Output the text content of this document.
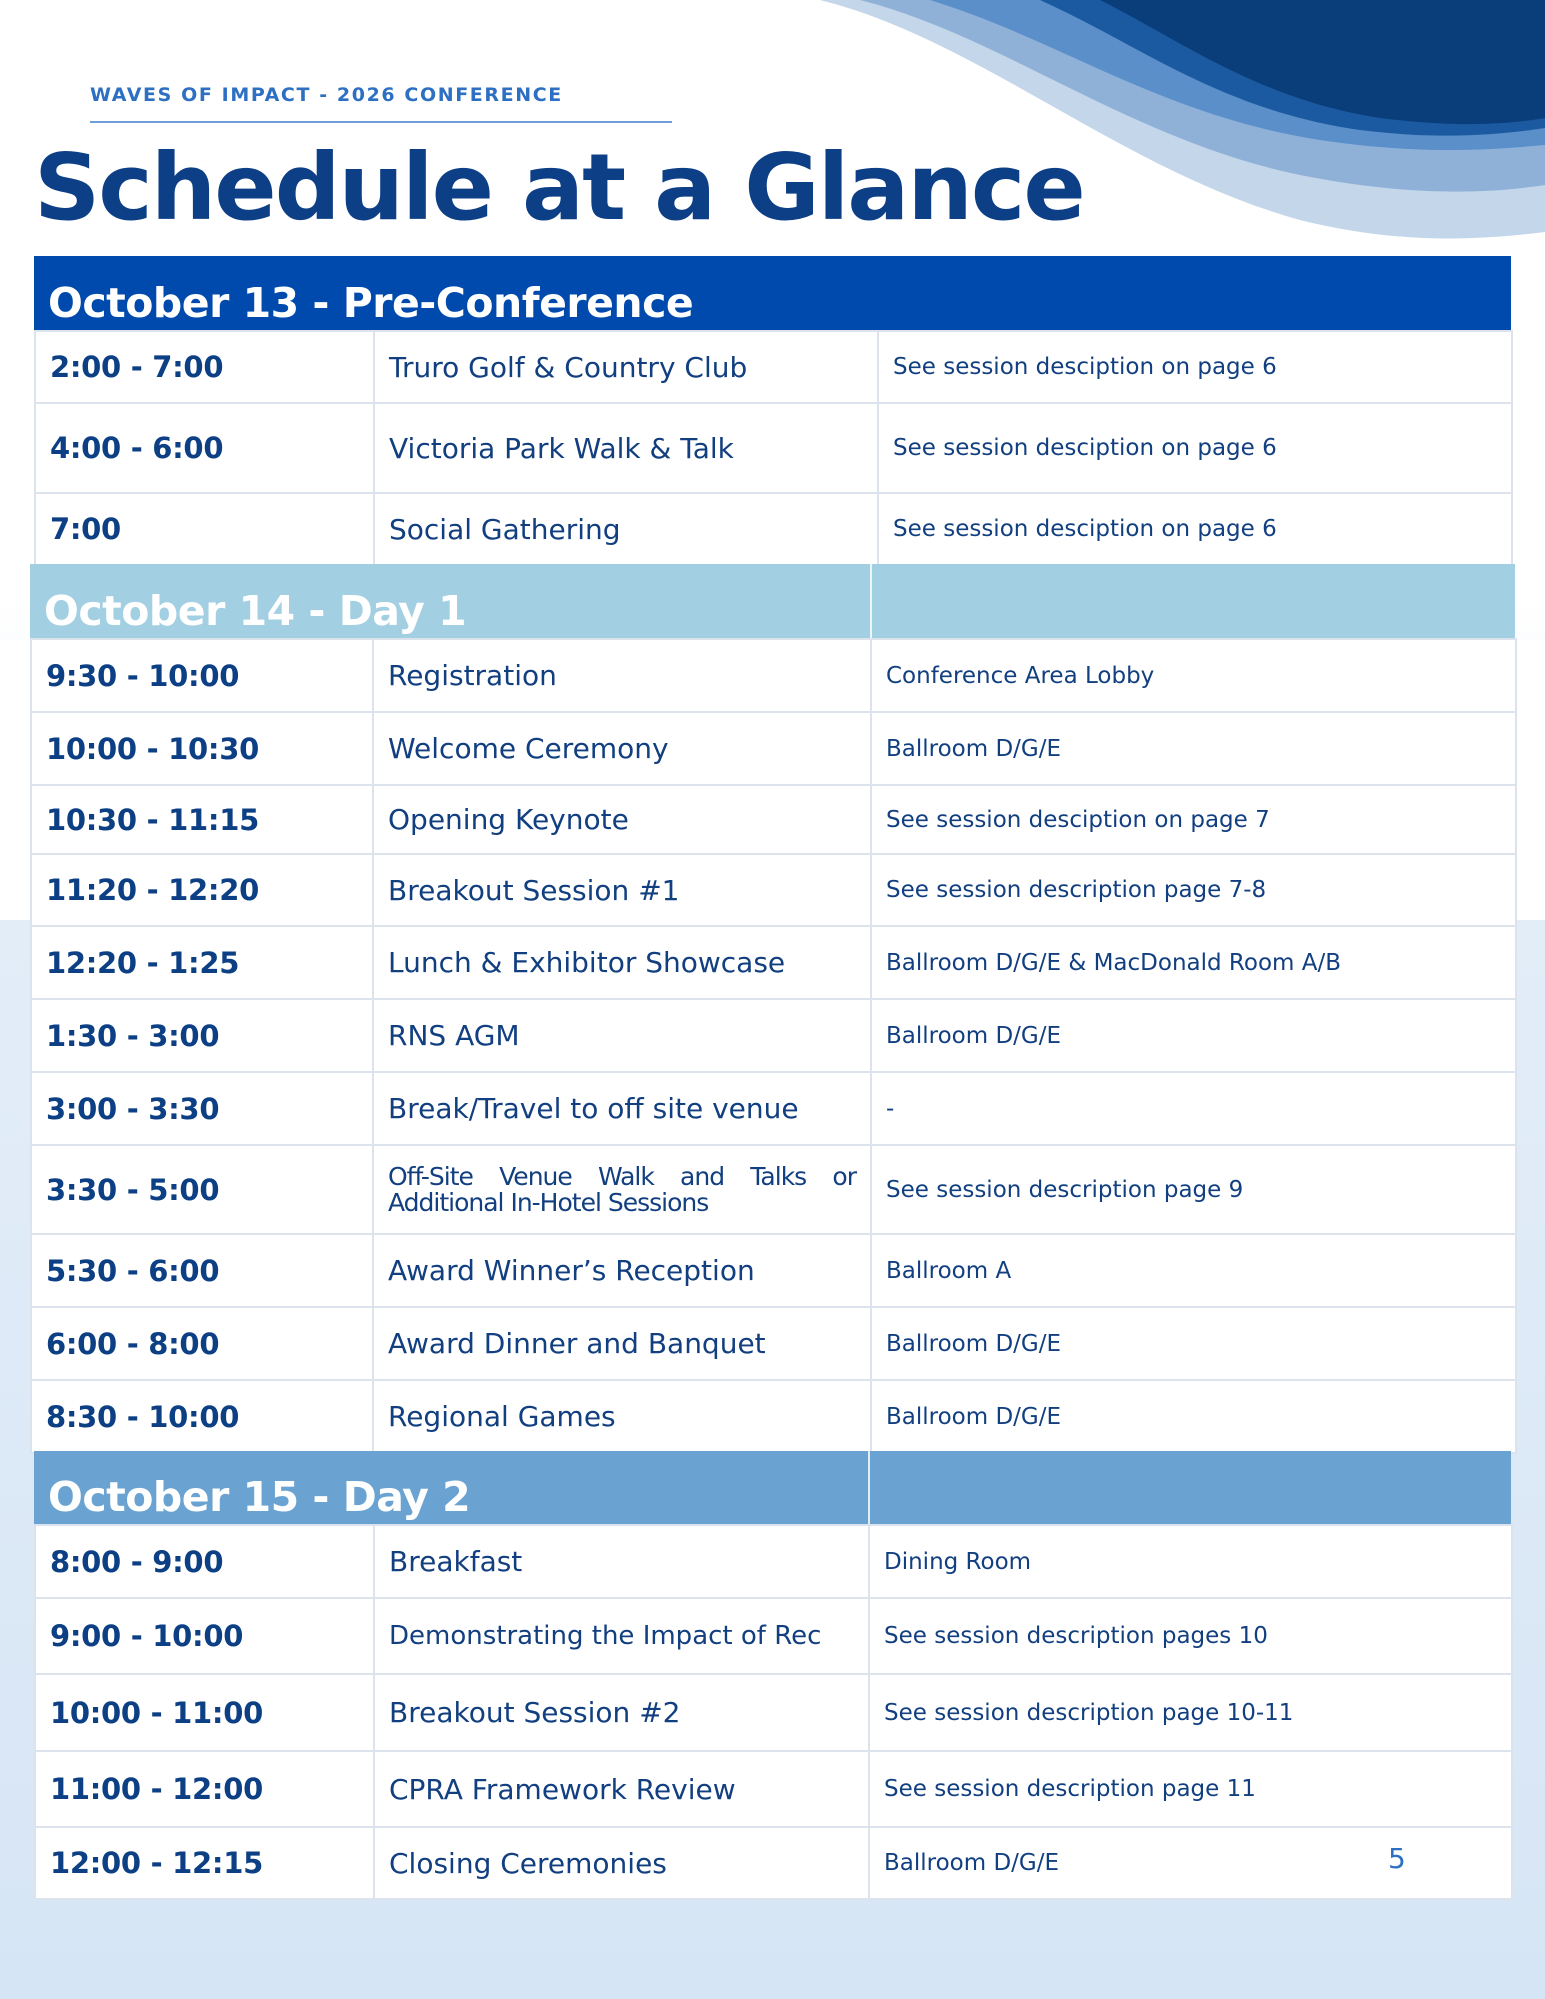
WAVES OF IMPACT - 2026 CONFERENCE
Schedule at a Glance
October 13 - Pre-Conference
2:00 - 7:00	Truro Golf & Country Club	See session desciption on page 6
4:00 - 6:00	Victoria Park Walk & Talk	See session desciption on page 6
7:00	Social Gathering	See session desciption on page 6
October 14 - Day 1
9:30 - 10:00	Registration	Conference Area Lobby
10:00 - 10:30	Welcome Ceremony	Ballroom D/G/E
10:30 - 11:15	Opening Keynote	See session desciption on page 7
11:20 - 12:20	Breakout Session #1	See session description page 7-8
12:20 - 1:25	Lunch & Exhibitor Showcase	Ballroom D/G/E & MacDonald Room A/B
1:30 - 3:00	RNS AGM	Ballroom D/G/E
3:00 - 3:30	Break/Travel to off site venue	-
3:30 - 5:00	Off-Site Venue Walk and Talks or Additional In-Hotel Sessions	See session description page 9
5:30 - 6:00	Award Winner’s Reception	Ballroom A
6:00 - 8:00	Award Dinner and Banquet	Ballroom D/G/E
8:30 - 10:00	Regional Games	Ballroom D/G/E
October 15 - Day 2
8:00 - 9:00	Breakfast	Dining Room
9:00 - 10:00	Demonstrating the Impact of Rec	See session description pages 10
10:00 - 11:00	Breakout Session #2	See session description page 10-11
11:00 - 12:00	CPRA Framework Review	See session description page 11
12:00 - 12:15	Closing Ceremonies	Ballroom D/G/E	5
